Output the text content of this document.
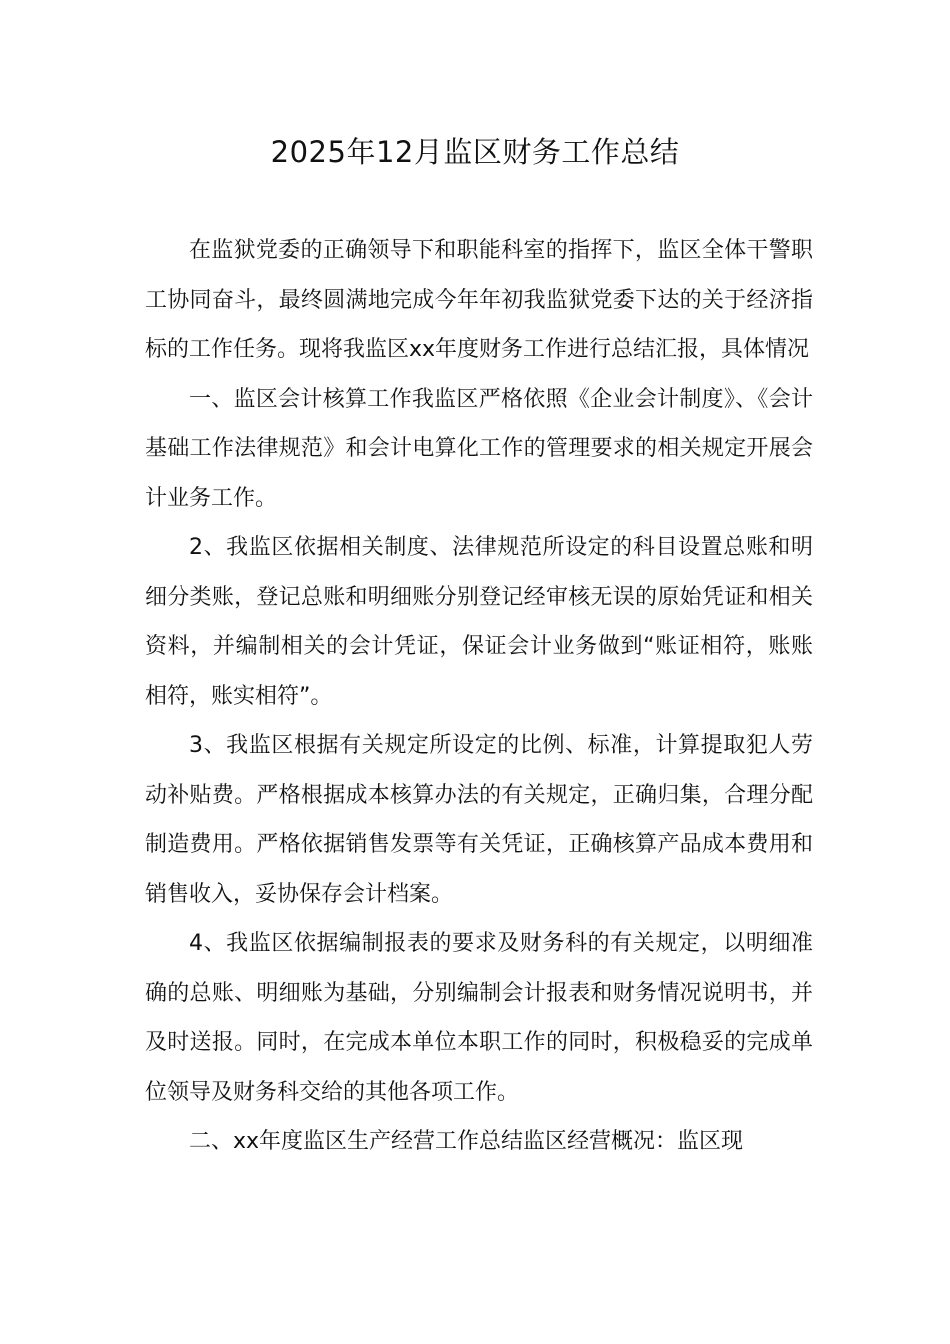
2025年12月监区财务工作总结

在监狱党委的正确领导下和职能科室的指挥下，监区全体干警职工协同奋斗，最终圆满地完成今年年初我监狱党委下达的关于经济指标的工作任务。现将我监区xx年度财务工作进行总结汇报，具体情况

一、监区会计核算工作我监区严格依照《企业会计制度》、《会计基础工作法律规范》和会计电算化工作的管理要求的相关规定开展会计业务工作。

2、我监区依据相关制度、法律规范所设定的科目设置总账和明细分类账，登记总账和明细账分别登记经审核无误的原始凭证和相关资料，并编制相关的会计凭证，保证会计业务做到“账证相符，账账相符，账实相符”。

3、我监区根据有关规定所设定的比例、标准，计算提取犯人劳动补贴费。严格根据成本核算办法的有关规定，正确归集，合理分配制造费用。严格依据销售发票等有关凭证，正确核算产品成本费用和销售收入，妥协保存会计档案。

4、我监区依据编制报表的要求及财务科的有关规定，以明细准确的总账、明细账为基础，分别编制会计报表和财务情况说明书，并及时送报。同时，在完成本单位本职工作的同时，积极稳妥的完成单位领导及财务科交给的其他各项工作。

二、xx年度监区生产经营工作总结监区经营概况：监区现
